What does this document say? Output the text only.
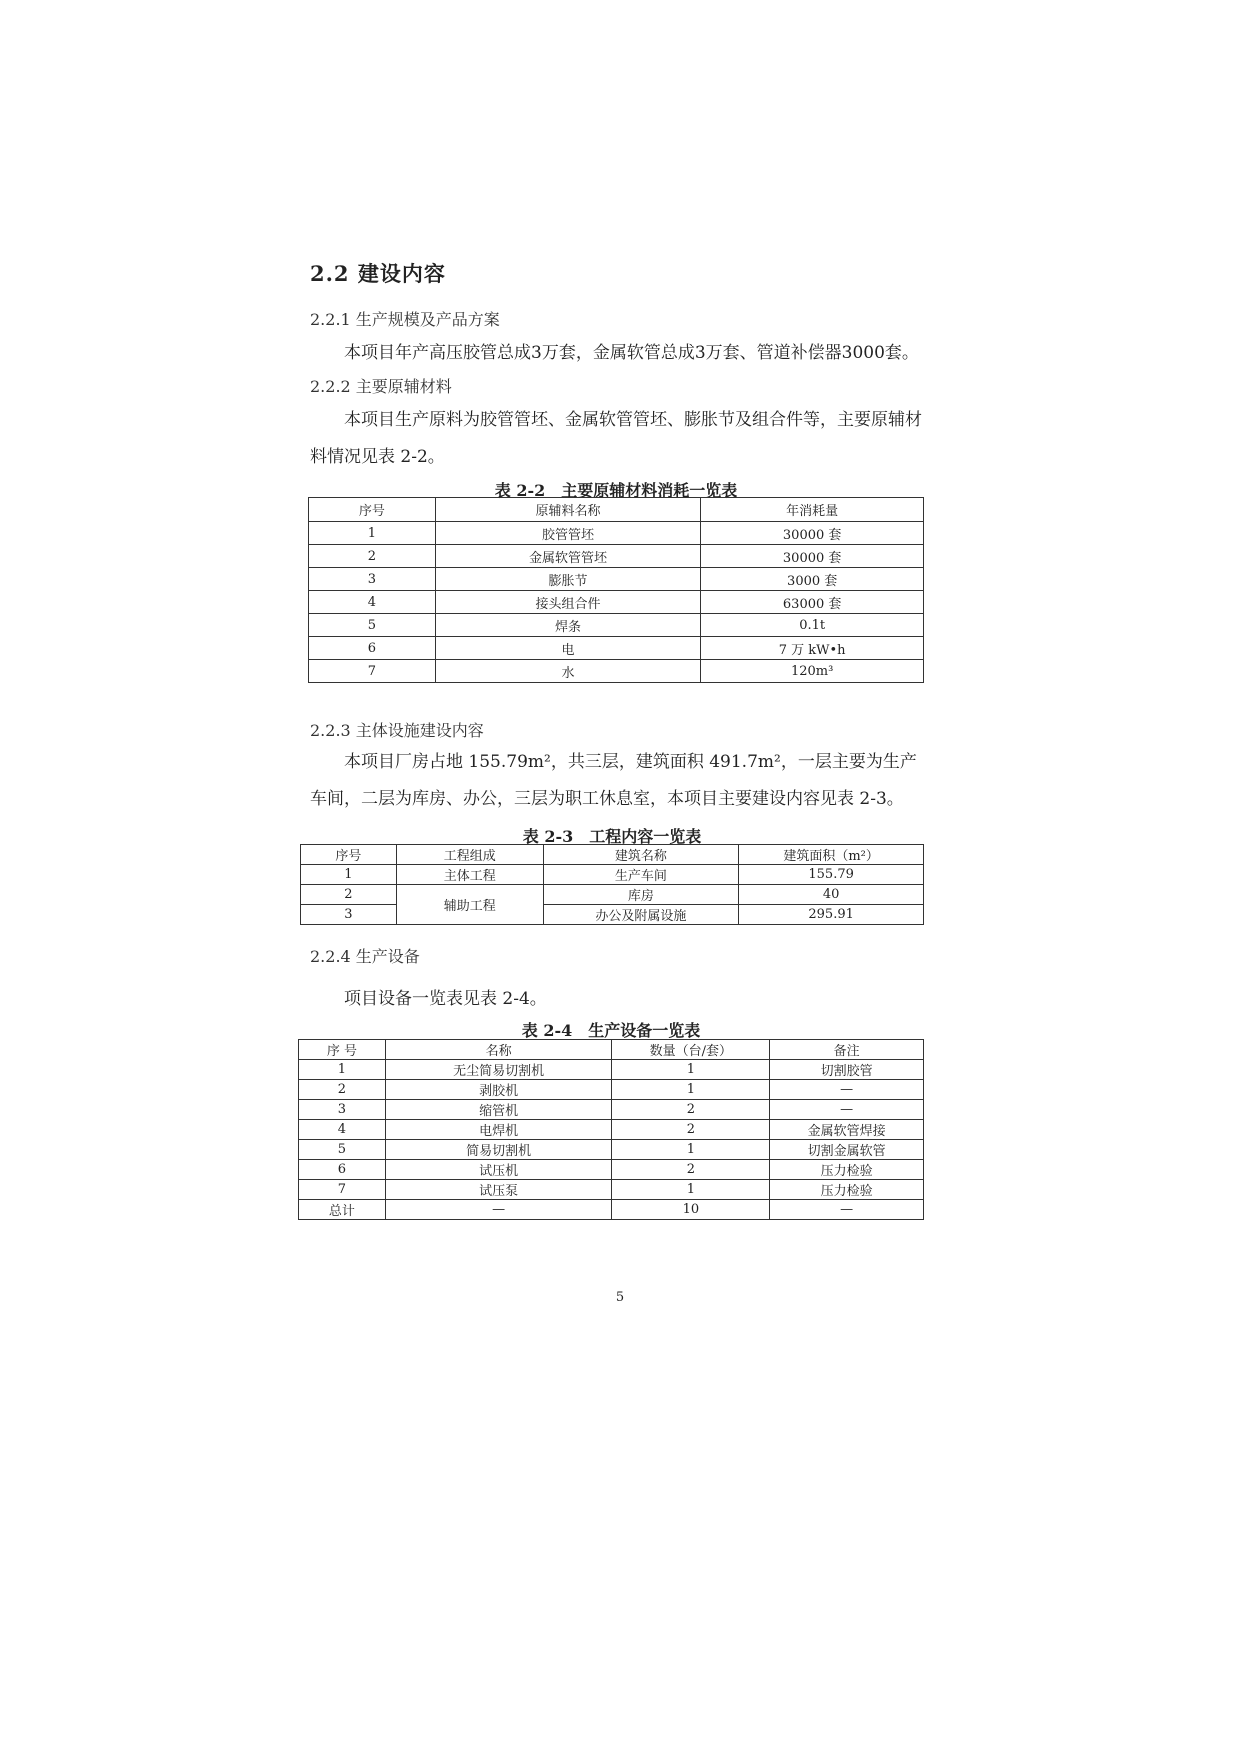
2.2 建设内容
2.2.1 生产规模及产品方案
本项目年产高压胶管总成3万套，金属软管总成3万套、管道补偿器3000套。
2.2.2 主要原辅材料
本项目生产原料为胶管管坯、金属软管管坯、膨胀节及组合件等，主要原辅材料情况见表 2-2。
表 2-2　主要原辅材料消耗一览表
序号	原辅料名称	年消耗量
1	胶管管坯	30000 套
2	金属软管管坯	30000 套
3	膨胀节	3000 套
4	接头组合件	63000 套
5	焊条	0.1t
6	电	7 万 kW•h
7	水	120m³
2.2.3 主体设施建设内容
本项目厂房占地 155.79m²，共三层，建筑面积 491.7m²，一层主要为生产车间，二层为库房、办公，三层为职工休息室，本项目主要建设内容见表 2-3。
表 2-3　工程内容一览表
序号	工程组成	建筑名称	建筑面积（m²）
1	主体工程	生产车间	155.79
2	辅助工程	库房	40
3		办公及附属设施	295.91
2.2.4 生产设备
项目设备一览表见表 2-4。
表 2-4　生产设备一览表
序 号	名称	数量（台/套）	备注
1	无尘简易切割机	1	切割胶管
2	剥胶机	1	—
3	缩管机	2	—
4	电焊机	2	金属软管焊接
5	简易切割机	1	切割金属软管
6	试压机	2	压力检验
7	试压泵	1	压力检验
总计	—	10	—
5
